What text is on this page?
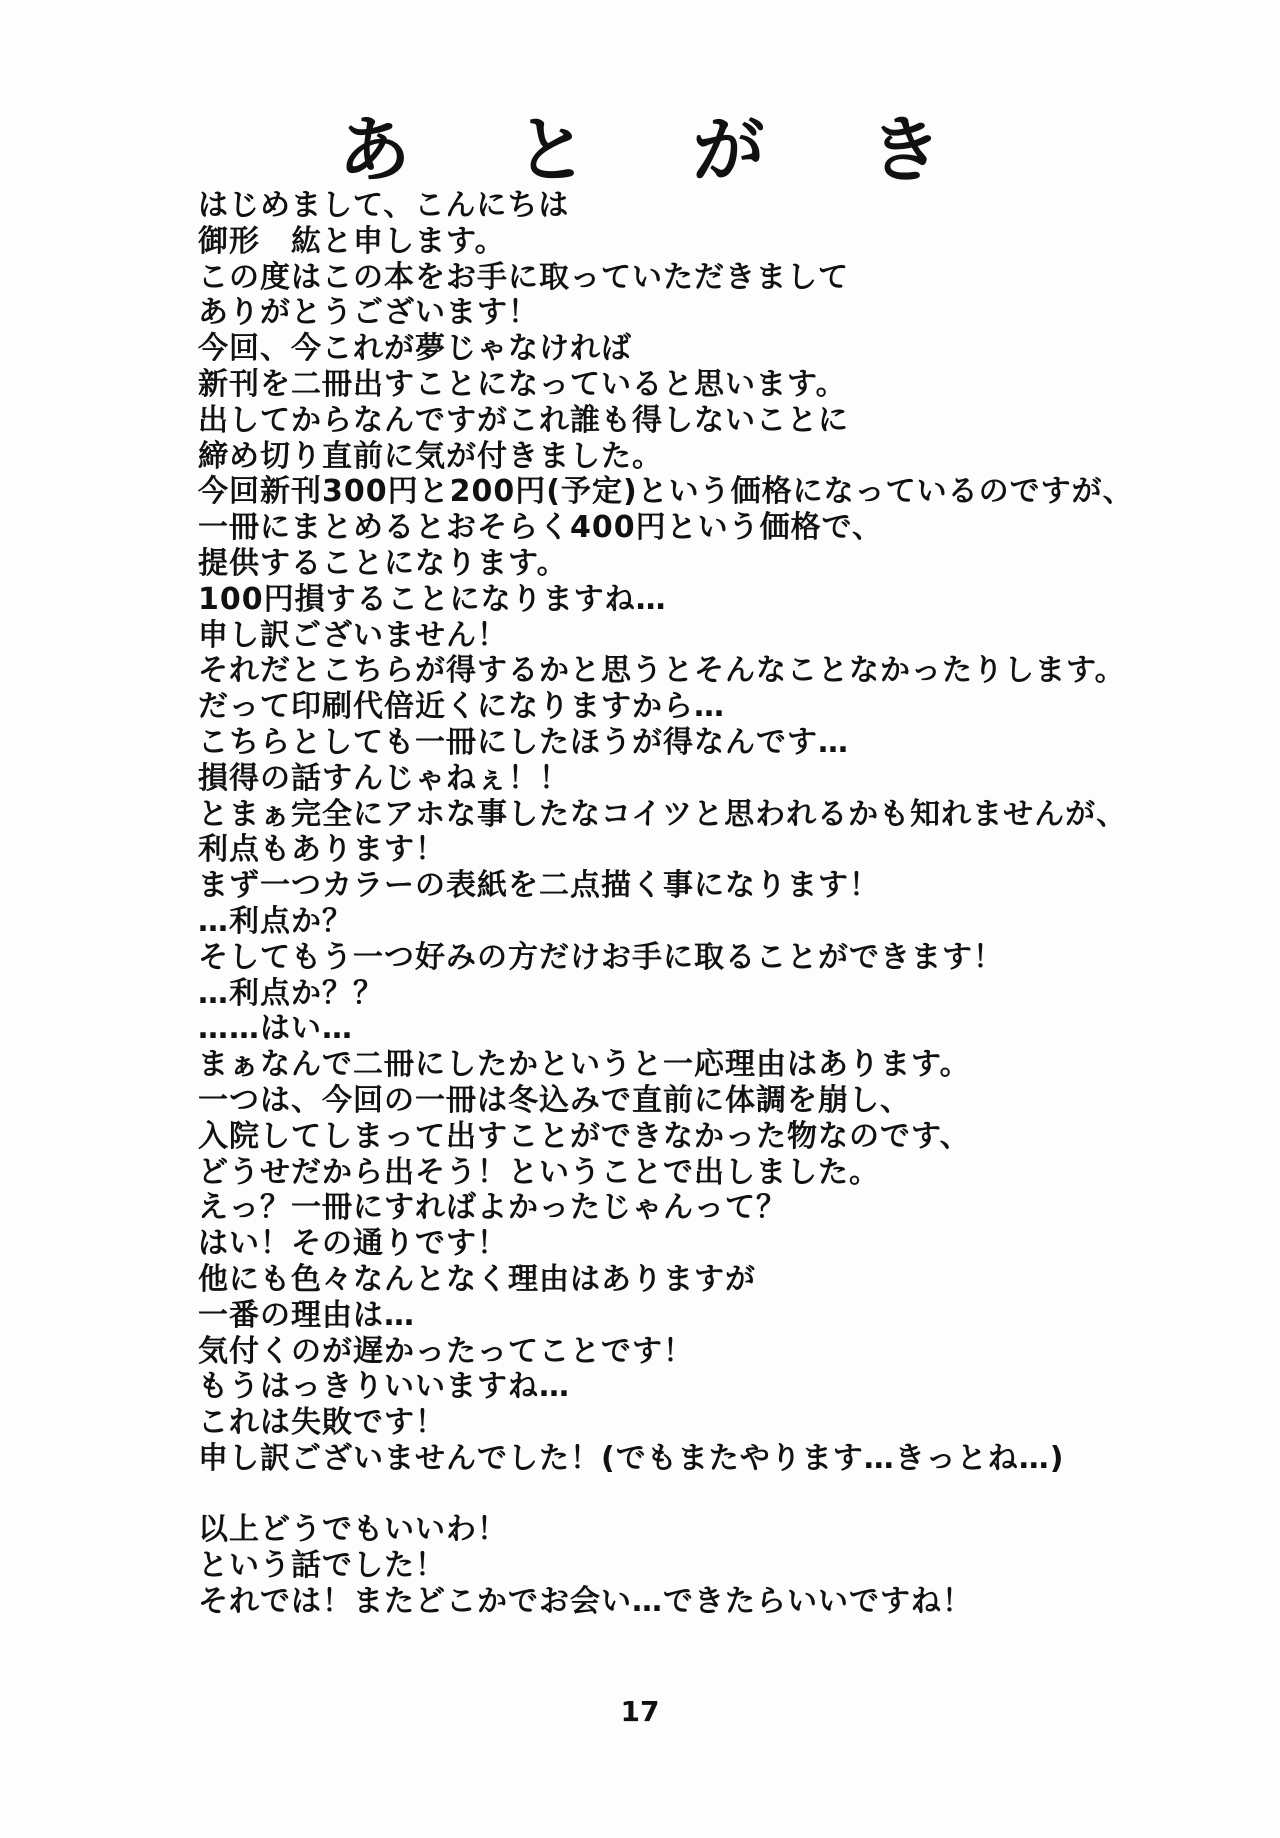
あ と が き
はじめまして、こんにちは
御形　紘と申します。
この度はこの本をお手に取っていただきまして
ありがとうございます！
今回、今これが夢じゃなければ
新刊を二冊出すことになっていると思います。
出してからなんですがこれ誰も得しないことに
締め切り直前に気が付きました。
今回新刊300円と200円(予定)という価格になっているのですが、
一冊にまとめるとおそらく400円という価格で、
提供することになります。
100円損することになりますね…
申し訳ございません！
それだとこちらが得するかと思うとそんなことなかったりします。
だって印刷代倍近くになりますから…
こちらとしても一冊にしたほうが得なんです…
損得の話すんじゃねぇ！！
とまぁ完全にアホな事したなコイツと思われるかも知れませんが、
利点もあります！
まず一つカラーの表紙を二点描く事になります！
…利点か？
そしてもう一つ好みの方だけお手に取ることができます！
…利点か？？
……はい…
まぁなんで二冊にしたかというと一応理由はあります。
一つは、今回の一冊は冬込みで直前に体調を崩し、
入院してしまって出すことができなかった物なのです、
どうせだから出そう！ということで出しました。
えっ？一冊にすればよかったじゃんって？
はい！その通りです！
他にも色々なんとなく理由はありますが
一番の理由は…
気付くのが遅かったってことです！
もうはっきりいいますね…
これは失敗です！
申し訳ございませんでした！(でもまたやります…きっとね…)
以上どうでもいいわ！
という話でした！
それでは！またどこかでお会い…できたらいいですね！
17
